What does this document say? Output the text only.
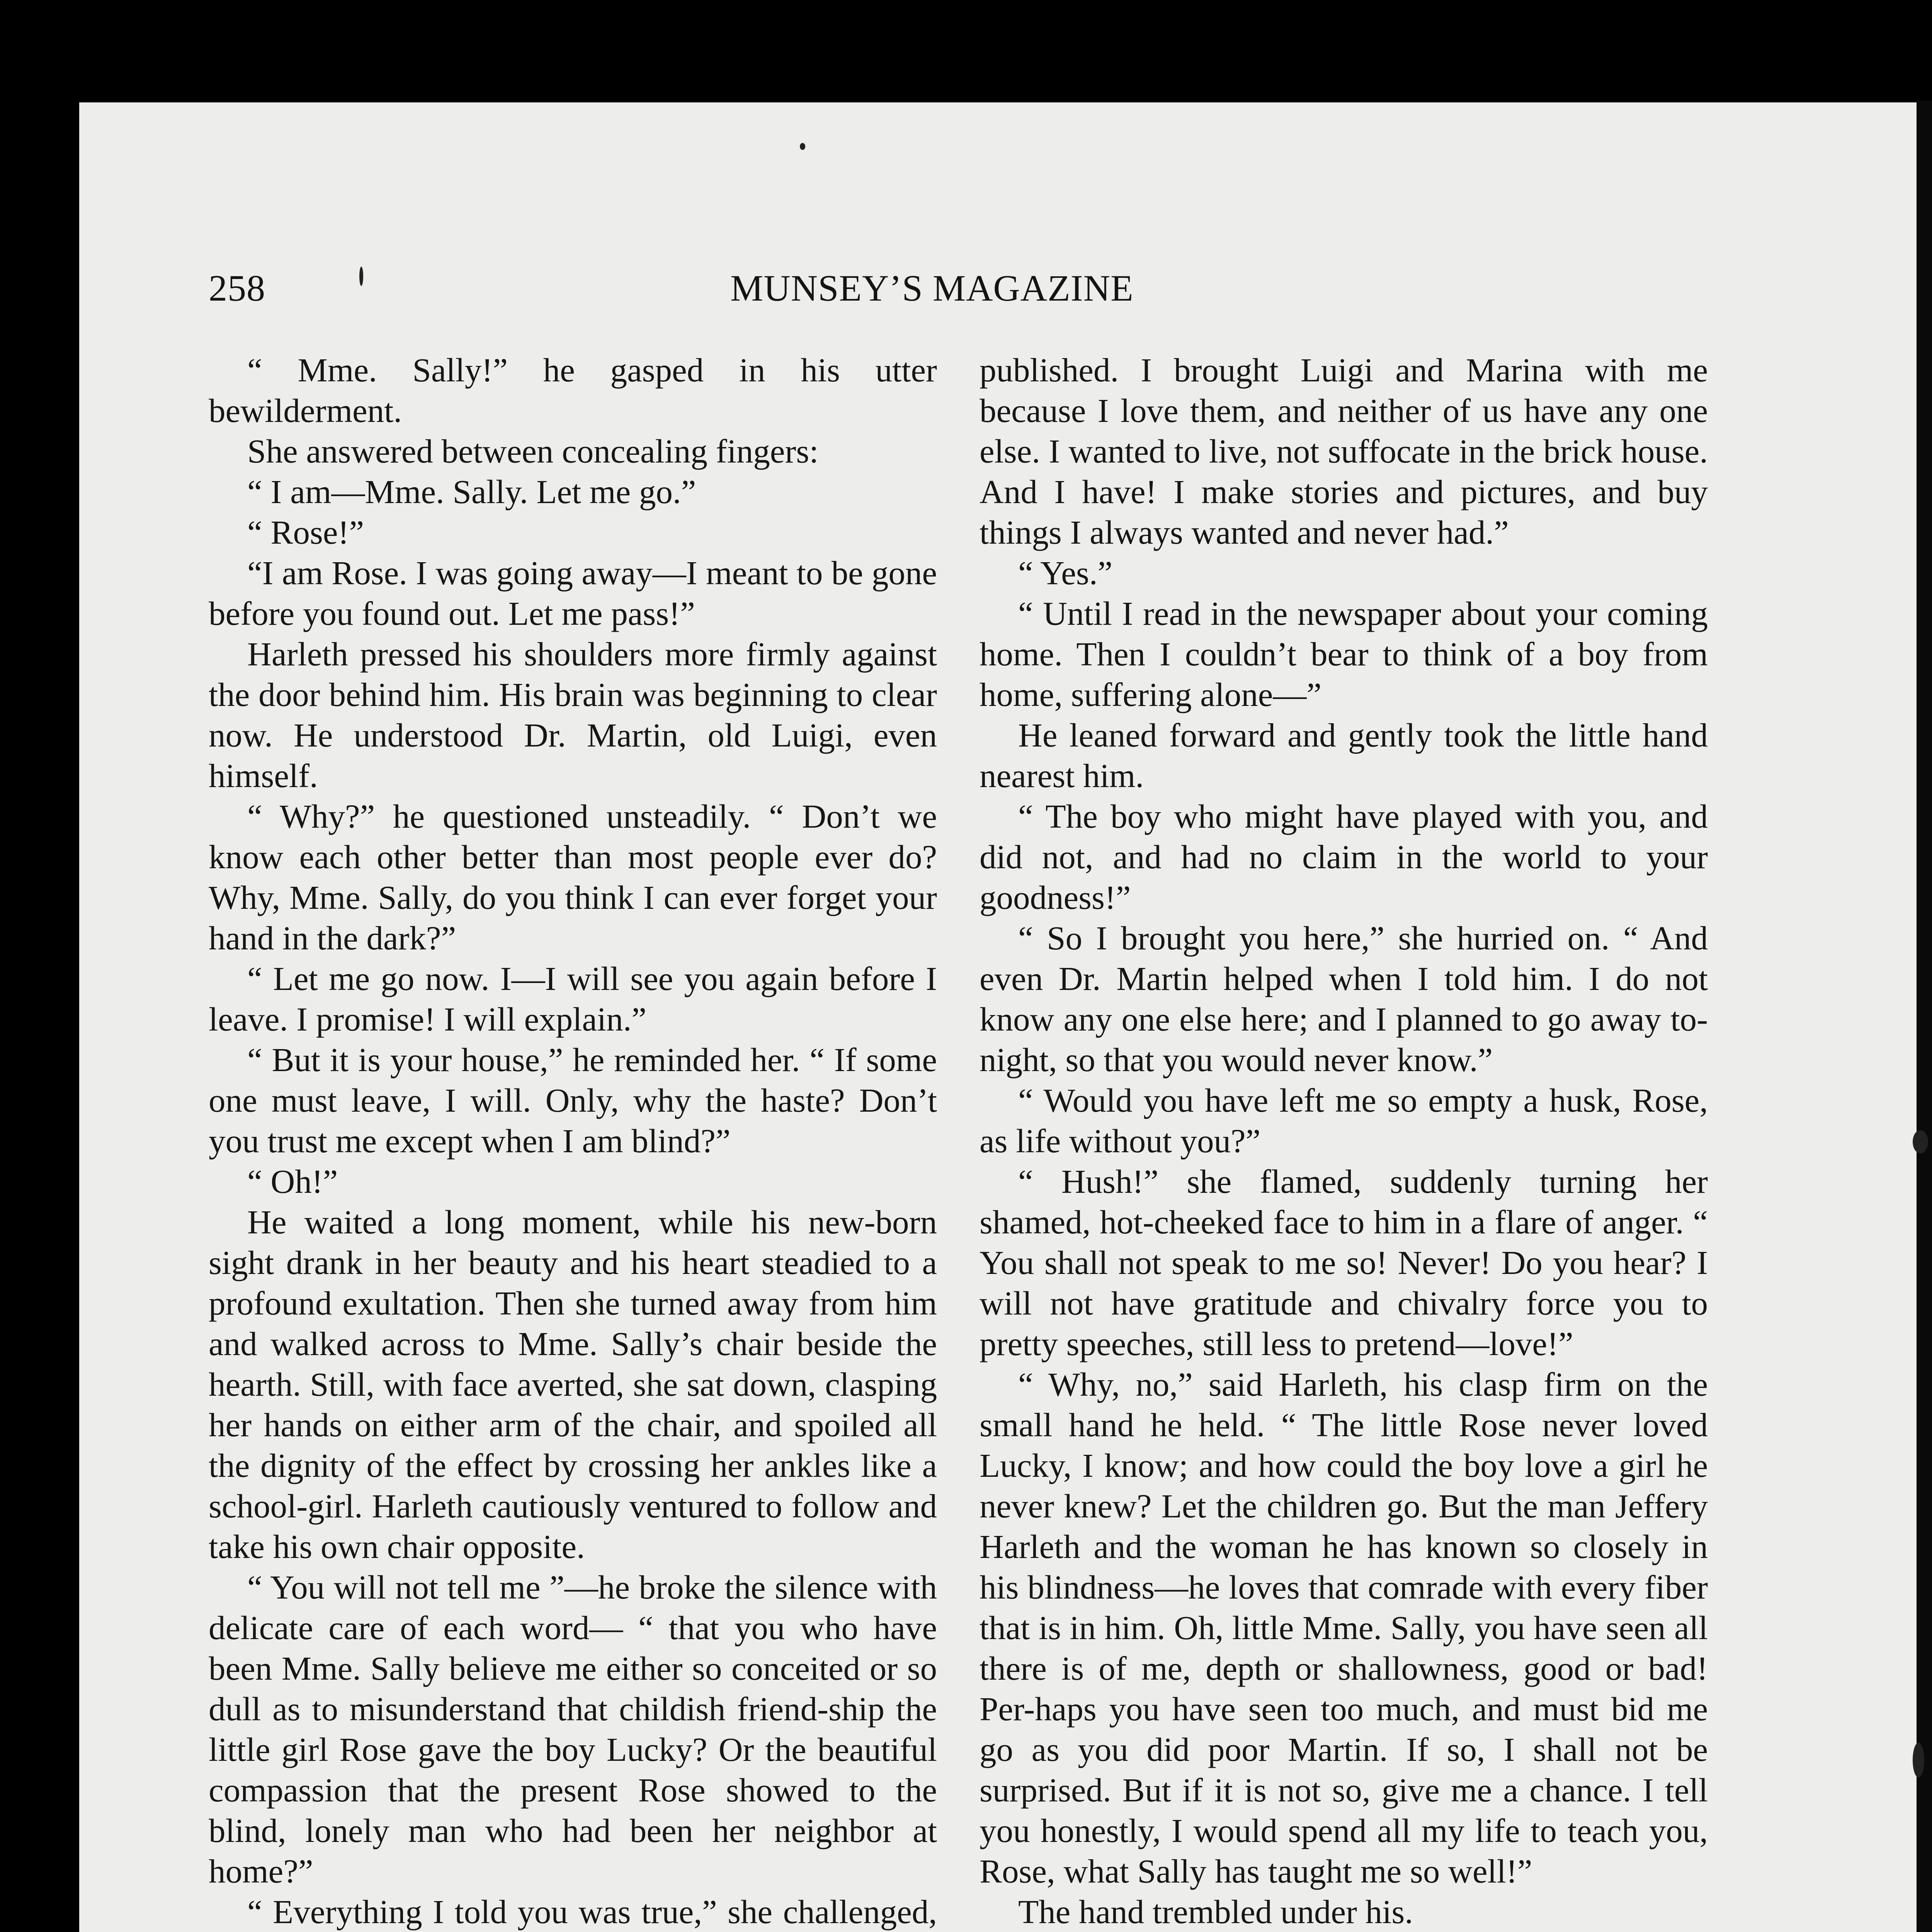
258	MUNSEY’S MAGAZINE

“ Mme. Sally!” he gasped in his utter bewilderment.

She answered between concealing fingers:

“ I am—Mme. Sally. Let me go.”

“ Rose!”

“I am Rose. I was going away—I meant to be gone before you found out. Let me pass!”

Harleth pressed his shoulders more firmly against the door behind him. His brain was beginning to clear now. He understood Dr. Martin, old Luigi, even himself.

“ Why?” he questioned unsteadily. “ Don’t we know each other better than most people ever do? Why, Mme. Sally, do you think I can ever forget your hand in the dark?”

“ Let me go now. I—I will see you again before I leave. I promise! I will explain.”

“ But it is your house,” he reminded her. “ If some one must leave, I will. Only, why the haste? Don’t you trust me except when I am blind?”

“ Oh!”

He waited a long moment, while his new-born sight drank in her beauty and his heart steadied to a profound exultation. Then she turned away from him and walked across to Mme. Sally’s chair beside the hearth. Still, with face averted, she sat down, clasping her hands on either arm of the chair, and spoiled all the dignity of the effect by crossing her ankles like a school-girl. Harleth cautiously ventured to follow and take his own chair opposite.

“ You will not tell me ”—he broke the silence with delicate care of each word— “ that you who have been Mme. Sally believe me either so conceited or so dull as to misunderstand that childish friend-ship the little girl Rose gave the boy Lucky? Or the beautiful compassion that the present Rose showed to the blind, lonely man who had been her neighbor at home?”

“ Everything I told you was true,” she challenged,

published. I brought Luigi and Marina with me because I love them, and neither of us have any one else. I wanted to live, not suffocate in the brick house. And I have! I make stories and pictures, and buy things I always wanted and never had.”

“ Yes.”

“ Until I read in the newspaper about your coming home. Then I couldn’t bear to think of a boy from home, suffering alone—”

He leaned forward and gently took the little hand nearest him.

“ The boy who might have played with you, and did not, and had no claim in the world to your goodness!”

“ So I brought you here,” she hurried on. “ And even Dr. Martin helped when I told him. I do not know any one else here; and I planned to go away to-night, so that you would never know.”

“ Would you have left me so empty a husk, Rose, as life without you?”

“ Hush!” she flamed, suddenly turning her shamed, hot-cheeked face to him in a flare of anger. “ You shall not speak to me so! Never! Do you hear? I will not have gratitude and chivalry force you to pretty speeches, still less to pretend—love!”

“ Why, no,” said Harleth, his clasp firm on the small hand he held. “ The little Rose never loved Lucky, I know; and how could the boy love a girl he never knew? Let the children go. But the man Jeffery Harleth and the woman he has known so closely in his blindness—he loves that comrade with every fiber that is in him. Oh, little Mme. Sally, you have seen all there is of me, depth or shallowness, good or bad! Per-haps you have seen too much, and must bid me go as you did poor Martin. If so, I shall not be surprised. But if it is not so, give me a chance. I tell you honestly, I would spend all my life to teach you, Rose, what Sally has taught me so well!”

The hand trembled under his.
